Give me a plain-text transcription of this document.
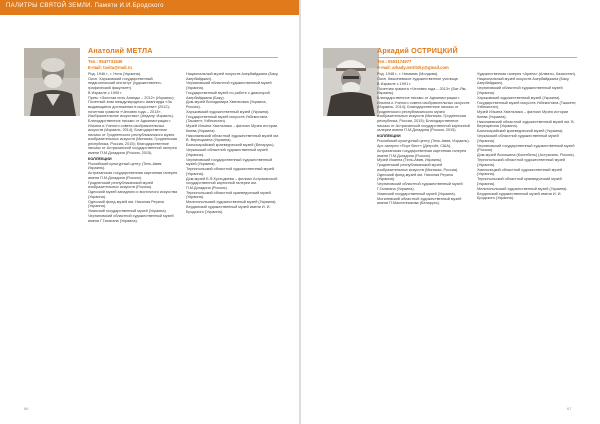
ПАЛИТРЫ СВЯТОЙ ЗЕМЛИ. Памяти И.И.Бродского
Анатолий МЕТЛА
Тел.: 0547731545
E-mail: tavita@mail.ru

Род. 1946 г., г. Нота (Украина).

Окон. Харьковский государственный педагогический институт (художественно-графический факультет).

В Израиле с 1995 г.

Прем. «Золотая нить Ананды – 2012» (Израиль); Почетный знак международного Авангарда «За выдающиеся достижения в искусстве» (2012); почетная грамота «Человек года – 2013», Изобразительное искусство» (Андалу, Израиль).

Благодарственное письмо от Администрации г. Ильнна и Ученого совета изобразительных искусств (Израиль, 2014); Благодарственное письмо от Гродненского республиканского музея изобразительных искусств (Минская, Гродненская республика, Россия, 2015); благодарственное письмо от Астраханской государственной галереи имени П.М.Догадина (Россия, 2015).

КОЛЛЕКЦИИ

Российский культурный центр (Тель-Авив, Израиль).

Астраханская государственная картинная галерея имени П.М.Догадина (Россия).

Гродненский республиканский музей изобразительных искусств (Россия).

Одесский музей западного и восточного искусства (Украина).

Одесский фонд-музей им. Николая Рериха (Украина).

Уманский государственный музей (Украина).

Черниговский областной художественный музей имени Г.Галагана (Украина).

Национальный музей искусств Азербайджана (Баку, Азербайджан).

Черниговский областной художественный музей (Украина).

Государственный музей по работе с диаспорой Азербайджана (Баку).

Дом-музей Володимира Хмельника (Украина, Россия).

Харьковский художественный музей (Украина).

Государственный музей искусств Узбекистана (Ташкент, Узбекистан).

Музей Ильина Хмельника – филиал Музея истории Киева (Украина).

Николаевский областной художественный музей им. В. Верещагина (Украина).

Бахчисарайский краеведческий музей (Беларусь).

Черкасский областной художественный музей (Украина).

Черниговский государственный художественный музей (Украина).

Тернопольский областной художественный музей (Украина).

Дом-музей Б.Ф.Кустодиева – филиал Астраханской государственной картинной галереи им. П.М.Догадина (Россия).

Тернопольский областной краеведческий музей (Украина).

Мелитопольский художественный музей (Украина).

Бердянский художественный музей имени И. И. Бродского (Украина).

66
Аркадий ОСТРИЦКИЙ
Тел.: 0503174977
E-mail: arkady.ostritsky@gmail.com

Род. 1948 г., г. Ниманик (Молдова).

Окон. Кишиневское художественное училище.

В Израиле с 1991 г.

Почетная грамота «Человек года – 2013» (Бат-Ям, Израиль).

Благодарственное письмо от Администрации г. Ильнна и Ученого совета изобразительных искусств (Израиль, 2014); Благодарственное письмо от Гродненского республиканского музея изобразительных искусств (Минская, Гродненская республика, Россия, 2015); Благодарственное письмо от Астраханской государственной картинной галереи имени П.М.Догадина (Россия, 2015).

КОЛЛЕКЦИИ

Российский культурный центр (Тель-Авив, Израиль).

Арт-галерея «Порт Вест» (Детройт, США).

Астраханская государственная картинная галерея имени П.М.Догадина (Россия).

Музей Иоанна (Тель-Авив, Израиль).

Гродненский республиканский музей изобразительных искусств (Минская, Россия).

Одесский фонд-музей им. Николая Рериха (Украина).

Черниговский областной художественный музей Г.Галагана (Украина).

Уманский государственный музей (Украина).

Могилевский областной художественный музей имени П.Масленникова (Беларусь).

Художественная галерея «Арина» (Алматы, Казахстан).

Национальный музей искусств Азербайджана (Баку, Азербайджан).

Черниговский областной художественный музей (Украина).

Харьковский художественный музей (Украина).

Государственный музей искусств Узбекистана (Ташкент, Узбекистан).

Музей Ильина Хмельника – филиал Музея истории Киева (Украина).

Николаевский областной художественный музей им. В. Верещагина (Украина).

Бахчисарайский краеведческий музей (Украина).

Черкасский областной художественный музей (Украина).

Черниговский государственный художественный музей (Россия).

Дом-музей Волошина (Коктебель) (Астрахань, Россия).

Тернопольский областной художественный музей (Украина).

Хмельницкий областной художественный музей (Украина).

Тернопольский областной краеведческий музей (Украина).

Мелитопольский художественный музей (Украина).

Бердянский художественный музей имени И. И. Бродского (Украина).

67
